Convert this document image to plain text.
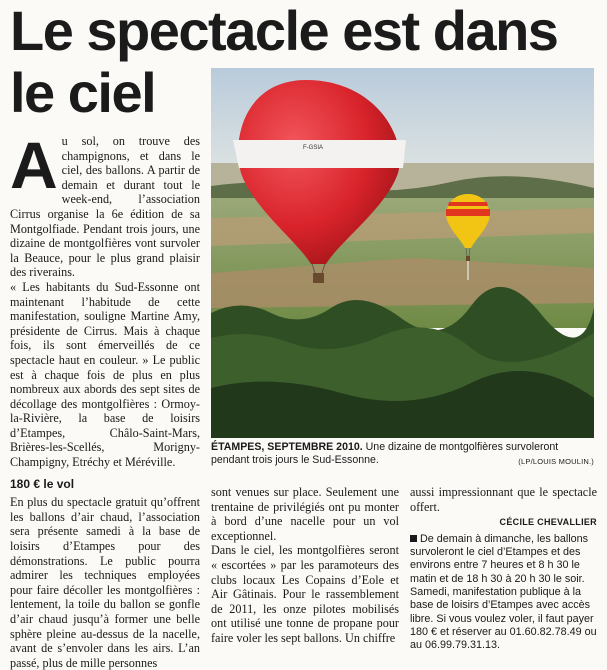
Le spectacle est dans le ciel
A u sol, on trouve des champignons, et dans le ciel, des ballons. A partir de demain et durant tout le week-end, l’association Cirrus organise la 6e édition de sa Montgolfiade. Pendant trois jours, une dizaine de montgolfières vont survoler la Beauce, pour le plus grand plaisir des riverains.

« Les habitants du Sud-Essonne ont maintenant l’habitude de cette manifestation, souligne Martine Amy, présidente de Cirrus. Mais à chaque fois, ils sont émerveillés de ce spectacle haut en couleur. » Le public est à chaque fois de plus en plus nombreux aux abords des sept sites de décollage des montgolfières : Ormoy-la-Rivière, la base de loisirs d’Etampes, Châlo-Saint-Mars, Brières-les-Scellés, Morigny-Champigny, Etréchy et Méréville.

180 € le vol

En plus du spectacle gratuit qu’offrent les ballons d’air chaud, l’association sera présente samedi à la base de loisirs d’Etampes pour des démonstrations. Le public pourra admirer les techniques employées pour faire décoller les montgolfières : lentement, la toile du ballon se gonfle d’air chaud jusqu’à former une belle sphère pleine au-dessus de la nacelle, avant de s’envoler dans les airs. L’an passé, plus de mille personnes

F-GSIA
ÉTAMPES, SEPTEMBRE 2010. Une dizaine de montgolfières survoleront pendant trois jours le Sud-Essonne.	(LP/LOUIS MOULIN.)

sont venues sur place. Seulement une trentaine de privilégiés ont pu monter à bord d’une nacelle pour un vol exceptionnel.

Dans le ciel, les montgolfières seront « escortées » par les paramoteurs des clubs locaux Les Copains d’Eole et Air Gâtinais. Pour le rassemblement de 2011, les onze pilotes mobilisés ont utilisé une tonne de propane pour faire voler les sept ballons. Un chiffre

aussi impressionnant que le spectacle offert.

CÉCILE CHEVALLIER
De demain à dimanche, les ballons survoleront le ciel d’Etampes et des environs entre 7 heures et 8 h 30 le matin et de 18 h 30 à 20 h 30 le soir. Samedi, manifestation publique à la base de loisirs d’Etampes avec accès libre. Si vous voulez voler, il faut payer 180 € et réserver au 01.60.82.78.49 ou au 06.99.79.31.13.
